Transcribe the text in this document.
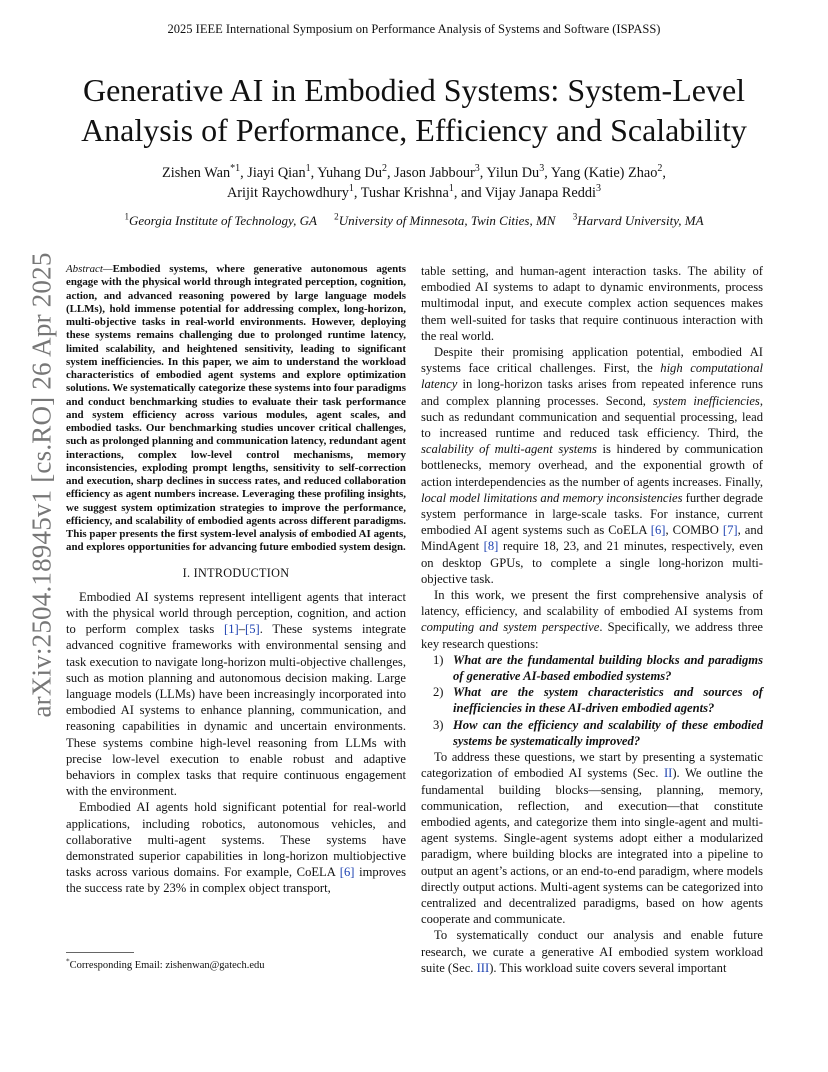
2025 IEEE International Symposium on Performance Analysis of Systems and Software (ISPASS)
arXiv:2504.18945v1 [cs.RO] 26 Apr 2025
Generative AI in Embodied Systems: System-Level
Analysis of Performance, Efficiency and Scalability
Zishen Wan$^{*1}$, Jiayi Qian$^1$, Yuhang Du$^2$, Jason Jabbour$^3$, Yilun Du$^3$, Yang (Katie) Zhao$^2$,
Arijit Raychowdhury$^1$, Tushar Krishna$^1$, and Vijay Janapa Reddi$^3$
$^1$Georgia Institute of Technology, GA $^2$University of Minnesota, Twin Cities, MN $^3$Harvard University, MA

Abstract—Embodied systems, where generative autonomous agents engage with the physical world through integrated perception, cognition, action, and advanced reasoning powered by large language models (LLMs), hold immense potential for addressing complex, long-horizon, multi-objective tasks in real-world environments. However, deploying these systems remains challenging due to prolonged runtime latency, limited scalability, and heightened sensitivity, leading to significant system inefficiencies. In this paper, we aim to understand the workload characteristics of embodied agent systems and explore optimization solutions. We systematically categorize these systems into four paradigms and conduct benchmarking studies to evaluate their task performance and system efficiency across various modules, agent scales, and embodied tasks. Our benchmarking studies uncover critical challenges, such as prolonged planning and communication latency, redundant agent interactions, complex low-level control mechanisms, memory inconsistencies, exploding prompt lengths, sensitivity to self-correction and execution, sharp declines in success rates, and reduced collaboration efficiency as agent numbers increase. Leveraging these profiling insights, we suggest system optimization strategies to improve the performance, efficiency, and scalability of embodied agents across different paradigms. This paper presents the first system-level analysis of embodied AI agents, and explores opportunities for advancing future embodied system design.

I. INTRODUCTION

Embodied AI systems represent intelligent agents that interact with the physical world through perception, cognition, and action to perform complex tasks [1]–[5]. These systems integrate advanced cognitive frameworks with environmental sensing and task execution to navigate long-horizon multi-objective challenges, such as motion planning and autonomous decision making. Large language models (LLMs) have been increasingly incorporated into embodied AI systems to enhance planning, communication, and reasoning capabilities in dynamic and uncertain environments. These systems combine high-level reasoning from LLMs with precise low-level execution to enable robust and adaptive behaviors in complex tasks that require continuous engagement with the environment.

Embodied AI agents hold significant potential for real-world applications, including robotics, autonomous vehicles, and collaborative multi-agent systems. These systems have demonstrated superior capabilities in long-horizon multiobjective tasks across various domains. For example, CoELA [6] improves the success rate by 23% in complex object transport,

table setting, and human-agent interaction tasks. The ability of embodied AI systems to adapt to dynamic environments, process multimodal input, and execute complex action sequences makes them well-suited for tasks that require continuous interaction with the real world.

Despite their promising application potential, embodied AI systems face critical challenges. First, the high computational latency in long-horizon tasks arises from repeated inference runs and complex planning processes. Second, system inefficiencies, such as redundant communication and sequential processing, lead to increased runtime and reduced task efficiency. Third, the scalability of multi-agent systems is hindered by communication bottlenecks, memory overhead, and the exponential growth of action interdependencies as the number of agents increases. Finally, local model limitations and memory inconsistencies further degrade system performance in large-scale tasks. For instance, current embodied AI agent systems such as CoELA [6], COMBO [7], and MindAgent [8] require 18, 23, and 21 minutes, respectively, even on desktop GPUs, to complete a single long-horizon multi-objective task.

In this work, we present the first comprehensive analysis of latency, efficiency, and scalability of embodied AI systems from computing and system perspective. Specifically, we address three key research questions:

1) What are the fundamental building blocks and paradigms of generative AI-based embodied systems?
2) What are the system characteristics and sources of inefficiencies in these AI-driven embodied agents?
3) How can the efficiency and scalability of these embodied systems be systematically improved?

To address these questions, we start by presenting a systematic categorization of embodied AI systems (Sec. II). We outline the fundamental building blocks—sensing, planning, memory, communication, reflection, and execution—that constitute embodied agents, and categorize them into single-agent and multi-agent systems. Single-agent systems adopt either a modularized paradigm, where building blocks are integrated into a pipeline to output an agent’s actions, or an end-to-end paradigm, where models directly output actions. Multi-agent systems can be categorized into centralized and decentralized paradigms, based on how agents cooperate and communicate.

To systematically conduct our analysis and enable future research, we curate a generative AI embodied system workload suite (Sec. III). This workload suite covers several important

*Corresponding Email: zishenwan@gatech.edu
